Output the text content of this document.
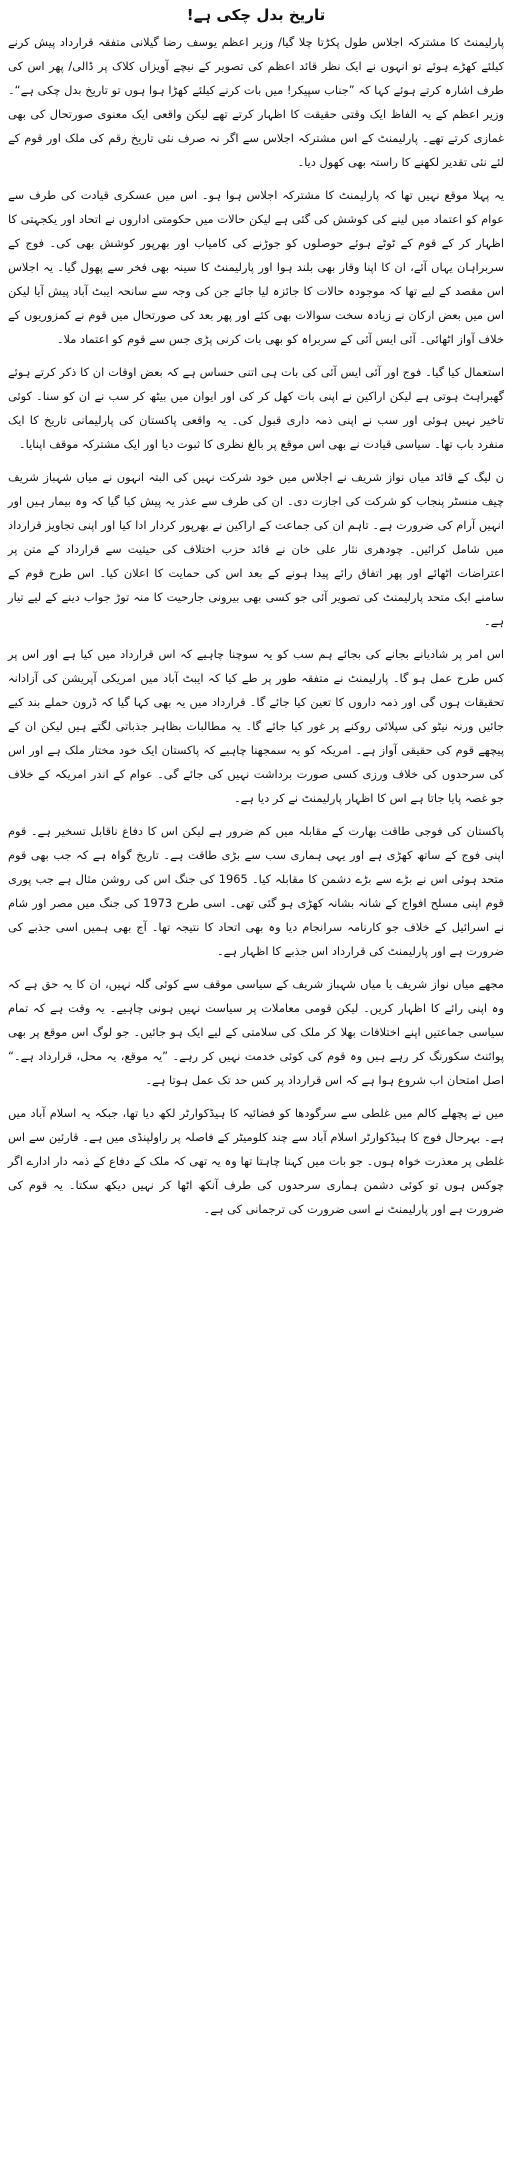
تاریخ بدل چکی ہے!

پارلیمنٹ کا مشترکہ اجلاس طول پکڑتا چلا گیا/ وزیر اعظم یوسف رضا گیلانی متفقہ قرارداد پیش کرنے کیلئے کھڑے ہوئے تو انہوں نے ایک نظر قائد اعظم کی تصویر کے نیچے آویزاں کلاک پر ڈالی/ پھر اس کی طرف اشارہ کرتے ہوئے کہا کہ ”جناب سپیکر! میں بات کرنے کیلئے کھڑا ہوا ہوں تو تاریخ بدل چکی ہے“۔ وزیر اعظم کے یہ الفاظ ایک وقتی حقیقت کا اظہار کرتے تھے لیکن واقعی ایک معنوی صورتحال کی بھی غمازی کرتے تھے۔ پارلیمنٹ کے اس مشترکہ اجلاس سے اگر نہ صرف نئی تاریخ رقم کی ملک اور قوم کے لئے نئی تقدیر لکھنے کا راستہ بھی کھول دیا۔

یہ پہلا موقع نہیں تھا کہ پارلیمنٹ کا مشترکہ اجلاس ہوا ہو۔ اس میں عسکری قیادت کی طرف سے عوام کو اعتماد میں لینے کی کوشش کی گئی ہے لیکن حالات میں حکومتی اداروں نے اتحاد اور یکجہتی کا اظہار کر کے قوم کے ٹوٹے ہوئے حوصلوں کو جوڑنے کی کامیاب اور بھرپور کوشش بھی کی۔ فوج کے سربراہان یہاں آئے، ان کا اپنا وقار بھی بلند ہوا اور پارلیمنٹ کا سینہ بھی فخر سے پھول گیا۔ یہ اجلاس اس مقصد کے لیے تھا کہ موجودہ حالات کا جائزہ لیا جائے جن کی وجہ سے سانحہ ایبٹ آباد پیش آیا لیکن اس میں بعض ارکان نے زیادہ سخت سوالات بھی کئے اور پھر بعد کی صورتحال میں قوم نے کمزوریوں کے خلاف آواز اٹھائی۔ آئی ایس آئی کے سربراہ کو بھی بات کرنی پڑی جس سے قوم کو اعتماد ملا۔

استعمال کیا گیا۔ فوج اور آئی ایس آئی کی بات ہی اتنی حساس ہے کہ بعض اوقات ان کا ذکر کرتے ہوئے گھبراہٹ ہوتی ہے لیکن اراکین نے اپنی بات کھل کر کی اور ایوان میں بیٹھ کر سب نے ان کو سنا۔ کوئی تاخیر نہیں ہوئی اور سب نے اپنی ذمہ داری قبول کی۔ یہ واقعی پاکستان کی پارلیمانی تاریخ کا ایک منفرد باب تھا۔ سیاسی قیادت نے بھی اس موقع پر بالغ نظری کا ثبوت دیا اور ایک مشترکہ موقف اپنایا۔

ن لیگ کے قائد میاں نواز شریف نے اجلاس میں خود شرکت نہیں کی البتہ انہوں نے میاں شہباز شریف چیف منسٹر پنجاب کو شرکت کی اجازت دی۔ ان کی طرف سے عذر یہ پیش کیا گیا کہ وہ بیمار ہیں اور انہیں آرام کی ضرورت ہے۔ تاہم ان کی جماعت کے اراکین نے بھرپور کردار ادا کیا اور اپنی تجاویز قرارداد میں شامل کرائیں۔ چودھری نثار علی خان نے قائد حزب اختلاف کی حیثیت سے قرارداد کے متن پر اعتراضات اٹھائے اور پھر اتفاق رائے پیدا ہونے کے بعد اس کی حمایت کا اعلان کیا۔ اس طرح قوم کے سامنے ایک متحد پارلیمنٹ کی تصویر آئی جو کسی بھی بیرونی جارحیت کا منہ توڑ جواب دینے کے لیے تیار ہے۔

اس امر پر شادیانے بجانے کی بجائے ہم سب کو یہ سوچنا چاہیے کہ اس قرارداد میں کیا ہے اور اس پر کس طرح عمل ہو گا۔ پارلیمنٹ نے متفقہ طور پر طے کیا کہ ایبٹ آباد میں امریکی آپریشن کی آزادانہ تحقیقات ہوں گی اور ذمہ داروں کا تعین کیا جائے گا۔ قرارداد میں یہ بھی کہا گیا کہ ڈرون حملے بند کیے جائیں ورنہ نیٹو کی سپلائی روکنے پر غور کیا جائے گا۔ یہ مطالبات بظاہر جذباتی لگتے ہیں لیکن ان کے پیچھے قوم کی حقیقی آواز ہے۔ امریکہ کو یہ سمجھنا چاہیے کہ پاکستان ایک خود مختار ملک ہے اور اس کی سرحدوں کی خلاف ورزی کسی صورت برداشت نہیں کی جائے گی۔ عوام کے اندر امریکہ کے خلاف جو غصہ پایا جاتا ہے اس کا اظہار پارلیمنٹ نے کر دیا ہے۔

پاکستان کی فوجی طاقت بھارت کے مقابلہ میں کم ضرور ہے لیکن اس کا دفاع ناقابل تسخیر ہے۔ قوم اپنی فوج کے ساتھ کھڑی ہے اور یہی ہماری سب سے بڑی طاقت ہے۔ تاریخ گواہ ہے کہ جب بھی قوم متحد ہوئی اس نے بڑے سے بڑے دشمن کا مقابلہ کیا۔ 1965 کی جنگ اس کی روشن مثال ہے جب پوری قوم اپنی مسلح افواج کے شانہ بشانہ کھڑی ہو گئی تھی۔ اسی طرح 1973 کی جنگ میں مصر اور شام نے اسرائیل کے خلاف جو کارنامہ سرانجام دیا وہ بھی اتحاد کا نتیجہ تھا۔ آج بھی ہمیں اسی جذبے کی ضرورت ہے اور پارلیمنٹ کی قرارداد اس جذبے کا اظہار ہے۔

مجھے میاں نواز شریف یا میاں شہباز شریف کے سیاسی موقف سے کوئی گلہ نہیں، ان کا یہ حق ہے کہ وہ اپنی رائے کا اظہار کریں۔ لیکن قومی معاملات پر سیاست نہیں ہونی چاہیے۔ یہ وقت ہے کہ تمام سیاسی جماعتیں اپنے اختلافات بھلا کر ملک کی سلامتی کے لیے ایک ہو جائیں۔ جو لوگ اس موقع پر بھی پوائنٹ سکورنگ کر رہے ہیں وہ قوم کی کوئی خدمت نہیں کر رہے۔ ”یہ موقع، یہ محل، قرارداد ہے۔“ اصل امتحان اب شروع ہوا ہے کہ اس قرارداد پر کس حد تک عمل ہوتا ہے۔

میں نے پچھلے کالم میں غلطی سے سرگودھا کو فضائیہ کا ہیڈکوارٹر لکھ دیا تھا، جبکہ یہ اسلام آباد میں ہے۔ بہرحال فوج کا ہیڈکوارٹر اسلام آباد سے چند کلومیٹر کے فاصلہ پر راولپنڈی میں ہے۔ قارئین سے اس غلطی پر معذرت خواہ ہوں۔ جو بات میں کہنا چاہتا تھا وہ یہ تھی کہ ملک کے دفاع کے ذمہ دار ادارے اگر چوکس ہوں تو کوئی دشمن ہماری سرحدوں کی طرف آنکھ اٹھا کر نہیں دیکھ سکتا۔ یہ قوم کی ضرورت ہے اور پارلیمنٹ نے اسی ضرورت کی ترجمانی کی ہے۔
